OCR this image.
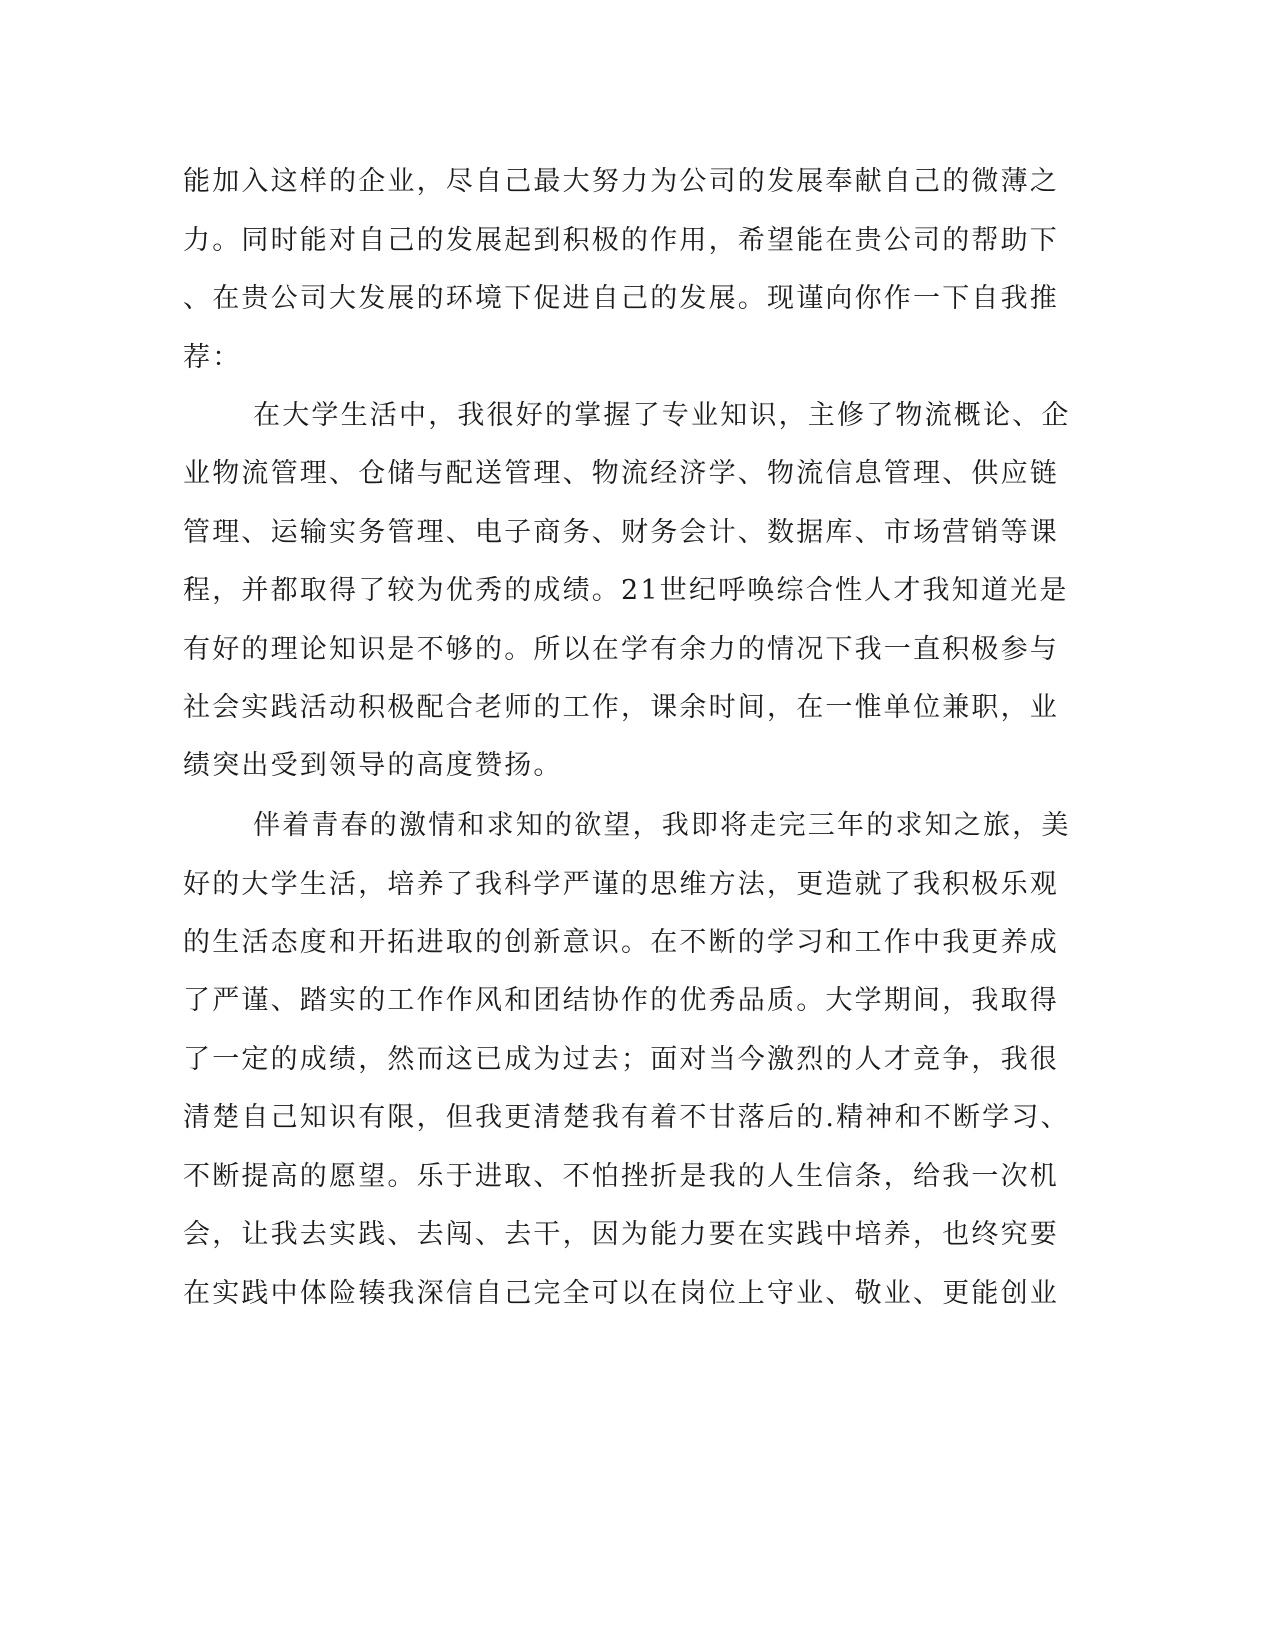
能加入这样的企业，尽自己最大努力为公司的发展奉献自己的微薄之
力。同时能对自己的发展起到积极的作用，希望能在贵公司的帮助下
、在贵公司大发展的环境下促进自己的发展。现谨向你作一下自我推
荐：
在大学生活中，我很好的掌握了专业知识，主修了物流概论、企
业物流管理、仓储与配送管理、物流经济学、物流信息管理、供应链
管理、运输实务管理、电子商务、财务会计、数据库、市场营销等课
程，并都取得了较为优秀的成绩。21世纪呼唤综合性人才我知道光是
有好的理论知识是不够的。所以在学有余力的情况下我一直积极参与
社会实践活动积极配合老师的工作，课余时间，在一惟单位兼职，业
绩突出受到领导的高度赞扬。
伴着青春的激情和求知的欲望，我即将走完三年的求知之旅，美
好的大学生活，培养了我科学严谨的思维方法，更造就了我积极乐观
的生活态度和开拓进取的创新意识。在不断的学习和工作中我更养成
了严谨、踏实的工作作风和团结协作的优秀品质。大学期间，我取得
了一定的成绩，然而这已成为过去；面对当今激烈的人才竞争，我很
清楚自己知识有限，但我更清楚我有着不甘落后的.精神和不断学习、
不断提高的愿望。乐于进取、不怕挫折是我的人生信条，给我一次机
会，让我去实践、去闯、去干，因为能力要在实践中培养，也终究要
在实践中体险辏我深信自己完全可以在岗位上守业、敬业、更能创业
